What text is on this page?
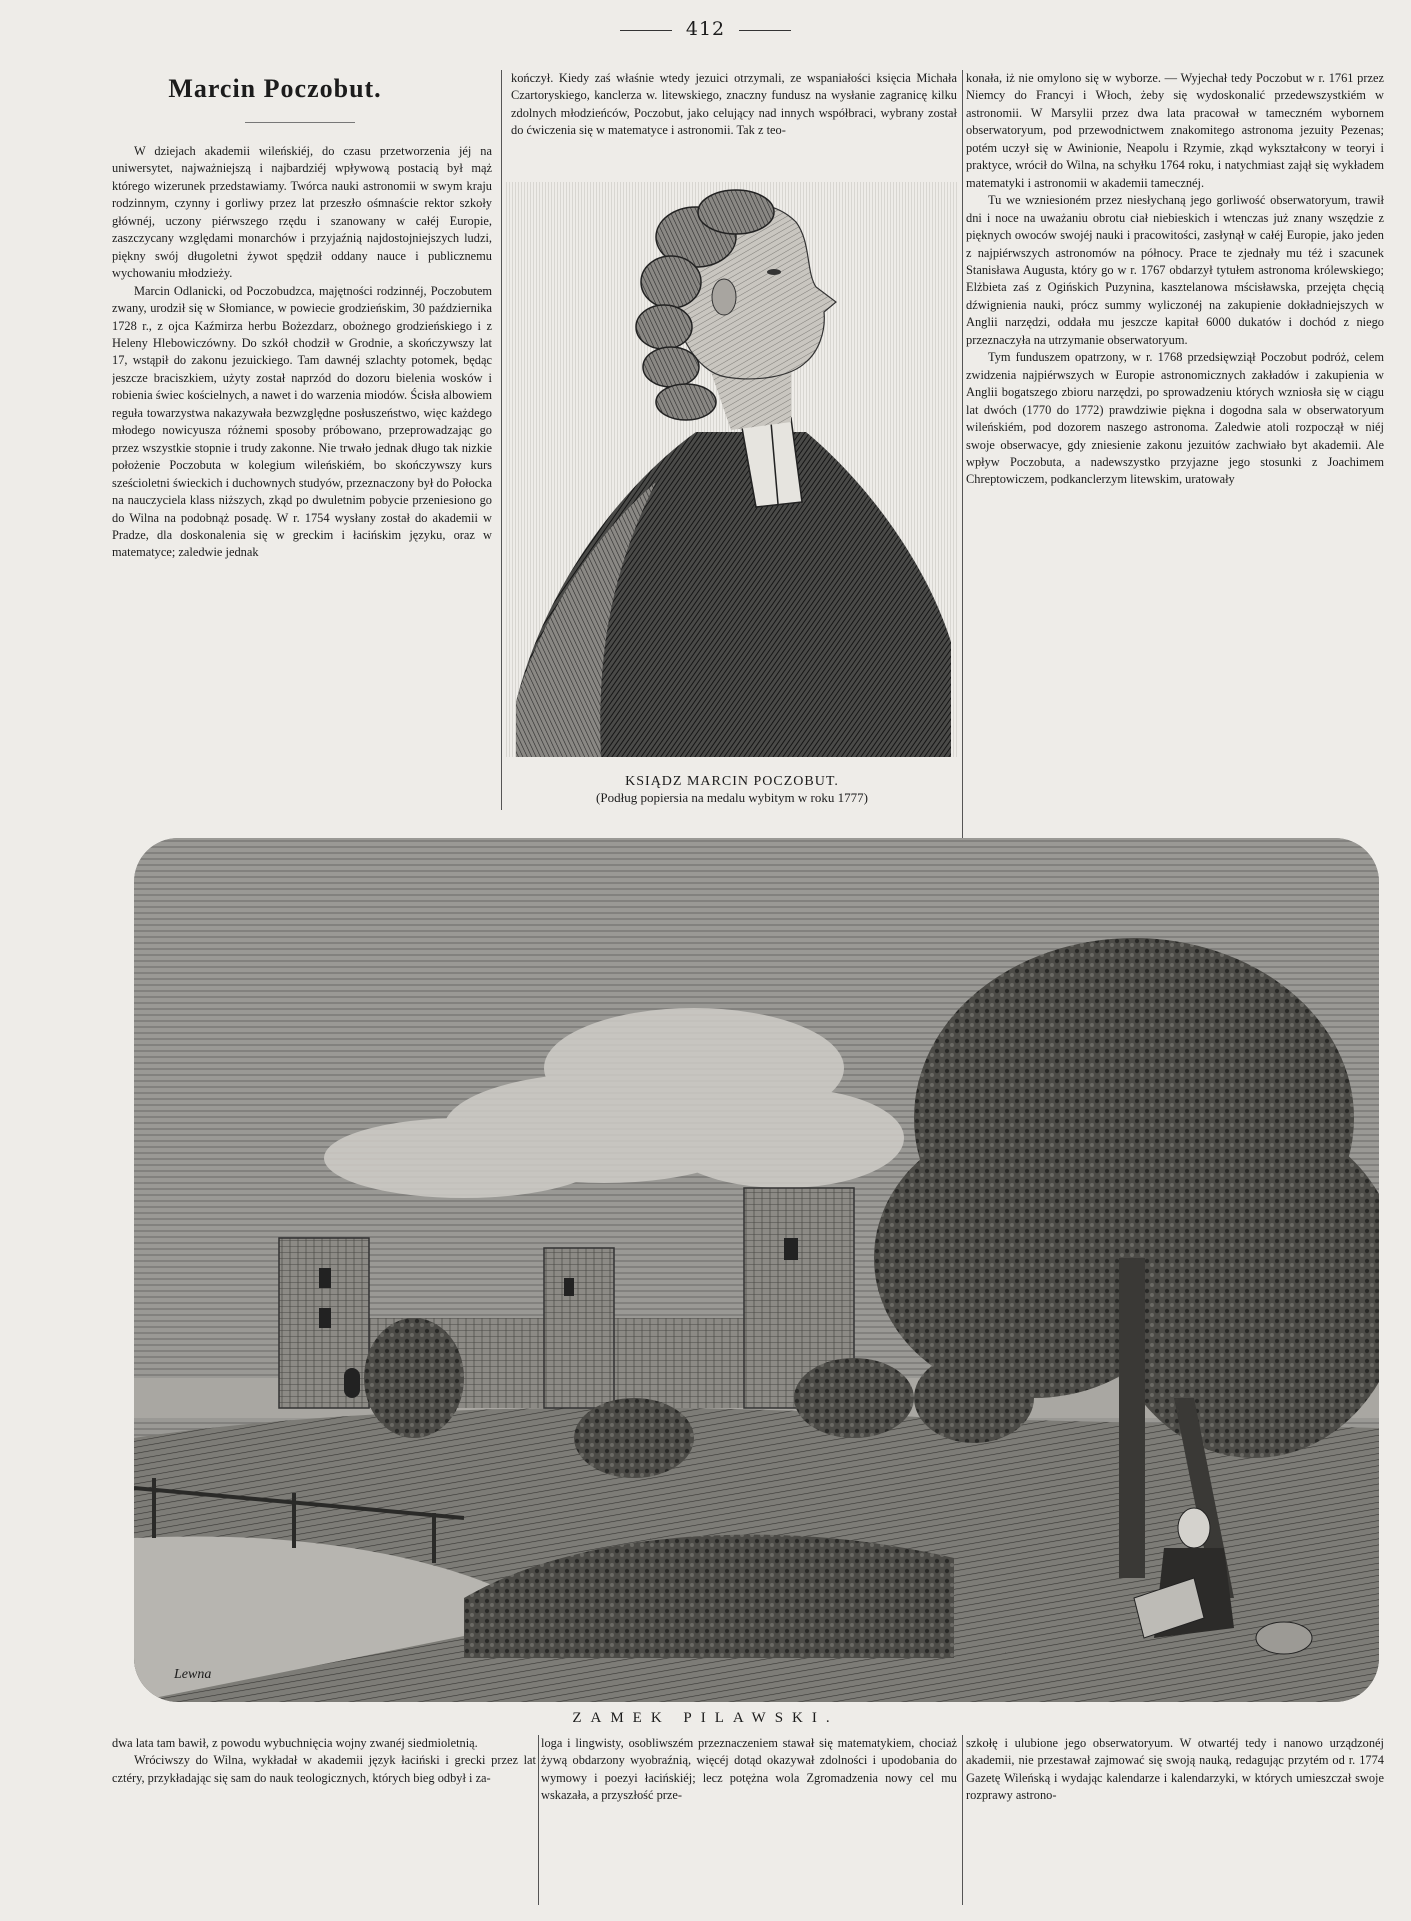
412
Marcin Poczobut.

W dziejach akademii wileńskiéj, do czasu przetworzenia jéj na uniwersytet, najważniejszą i najbardziéj wpływową postacią był mąż którego wizerunek przedstawiamy. Twórca nauki astronomii w swym kraju rodzinnym, czynny i gorliwy przez lat przeszło ośmnaście rektor szkoły głównéj, uczony piérwszego rzędu i szanowany w całéj Europie, zaszczycany względami monarchów i przyjaźnią najdostojniejszych ludzi, piękny swój długoletni żywot spędził oddany nauce i publicznemu wychowaniu młodzieży.

Marcin Odlanicki, od Poczobudzca, majętności rodzinnéj, Poczobutem zwany, urodził się w Słomiance, w powiecie grodzieńskim, 30 października 1728 r., z ojca Kaźmirza herbu Bożezdarz, obożnego grodzieńskiego i z Heleny Hlebowiczówny. Do szkół chodził w Grodnie, a skończywszy lat 17, wstąpił do zakonu jezuickiego. Tam dawnéj szlachty potomek, będąc jeszcze braciszkiem, użyty został naprzód do dozoru bielenia wosków i robienia świec kościelnych, a nawet i do warzenia miodów. Ścisła albowiem reguła towarzystwa nakazywała bezwzględne posłuszeństwo, więc każdego młodego nowicyusza różnemi sposoby próbowano, przeprowadzając go przez wszystkie stopnie i trudy zakonne. Nie trwało jednak długo tak nizkie położenie Poczobuta w kolegium wileńskiém, bo skończywszy kurs sześcioletni świeckich i duchownych studyów, przeznaczony był do Połocka na nauczyciela klass niższych, zkąd po dwuletnim pobycie przeniesiono go do Wilna na podobnąż posadę. W r. 1754 wysłany został do akademii w Pradze, dla doskonalenia się w greckim i łacińskim języku, oraz w matematyce; zaledwie jednak

kończył. Kiedy zaś właśnie wtedy jezuici otrzymali, ze wspaniałości księcia Michała Czartoryskiego, kanclerza w. litewskiego, znaczny fundusz na wysłanie zagranicę kilku zdolnych młodzieńców, Poczobut, jako celujący nad innych współbraci, wybrany został do ćwiczenia się w matematyce i astronomii. Tak z teo-

konała, iż nie omylono się w wyborze. — Wyjechał tedy Poczobut w r. 1761 przez Niemcy do Francyi i Włoch, żeby się wydoskonalić przedewszystkiém w astronomii. W Marsylii przez dwa lata pracował w tameczném wybornem obserwatoryum, pod przewodnictwem znakomitego astronoma jezuity Pezenas; potém uczył się w Awinionie, Neapolu i Rzymie, zkąd wykształcony w teoryi i praktyce, wrócił do Wilna, na schyłku 1764 roku, i natychmiast zajął się wykładem matematyki i astronomii w akademii tamecznéj.

Tu we wzniesioném przez niesłychaną jego gorliwość obserwatoryum, trawił dni i noce na uważaniu obrotu ciał niebieskich i wtenczas już znany wszędzie z pięknych owoców swojéj nauki i pracowitości, zasłynął w całéj Europie, jako jeden z najpiérwszych astronomów na północy. Prace te zjednały mu téż i szacunek Stanisława Augusta, który go w r. 1767 obdarzył tytułem astronoma królewskiego; Elżbieta zaś z Ogińskich Puzynina, kasztelanowa mścisławska, przejęta chęcią dźwignienia nauki, prócz summy wyliczonéj na zakupienie dokładniejszych w Anglii narzędzi, oddała mu jeszcze kapitał 6000 dukatów i dochód z niego przeznaczyła na utrzymanie obserwatoryum.

Tym funduszem opatrzony, w r. 1768 przedsięwziął Poczobut podróż, celem zwidzenia najpiérwszych w Europie astronomicznych zakładów i zakupienia w Anglii bogatszego zbioru narzędzi, po sprowadzeniu których wzniosła się w ciągu lat dwóch (1770 do 1772) prawdziwie piękna i dogodna sala w obserwatoryum wileńskiém, pod dozorem naszego astronoma. Zaledwie atoli rozpoczął w niéj swoje obserwacye, gdy zniesienie zakonu jezuitów zachwiało byt akademii. Ale wpływ Poczobuta, a nadewszystko przyjazne jego stosunki z Joachimem Chreptowiczem, podkanclerzym litewskim, uratowały

KSIĄDZ MARCIN POCZOBUT.
(Podług popiersia na medalu wybitym w roku 1777)
Lewna
ZAMEK PILAWSKI.

dwa lata tam bawił, z powodu wybuchnięcia wojny zwanéj siedmioletnią.

Wróciwszy do Wilna, wykładał w akademii język łaciński i grecki przez lat cztéry, przykładając się sam do nauk teologicznych, których bieg odbył i za-

loga i lingwisty, osobliwszém przeznaczeniem stawał się matematykiem, chociaż żywą obdarzony wyobraźnią, więcéj dotąd okazywał zdolności i upodobania do wymowy i poezyi łacińskiéj; lecz potężna wola Zgromadzenia nowy cel mu wskazała, a przyszłość prze-

szkołę i ulubione jego obserwatoryum. W otwartéj tedy i nanowo urządzonéj akademii, nie przestawał zajmować się swoją nauką, redagując przytém od r. 1774 Gazetę Wileńską i wydając kalendarze i kalendarzyki, w których umieszczał swoje rozprawy astrono-
